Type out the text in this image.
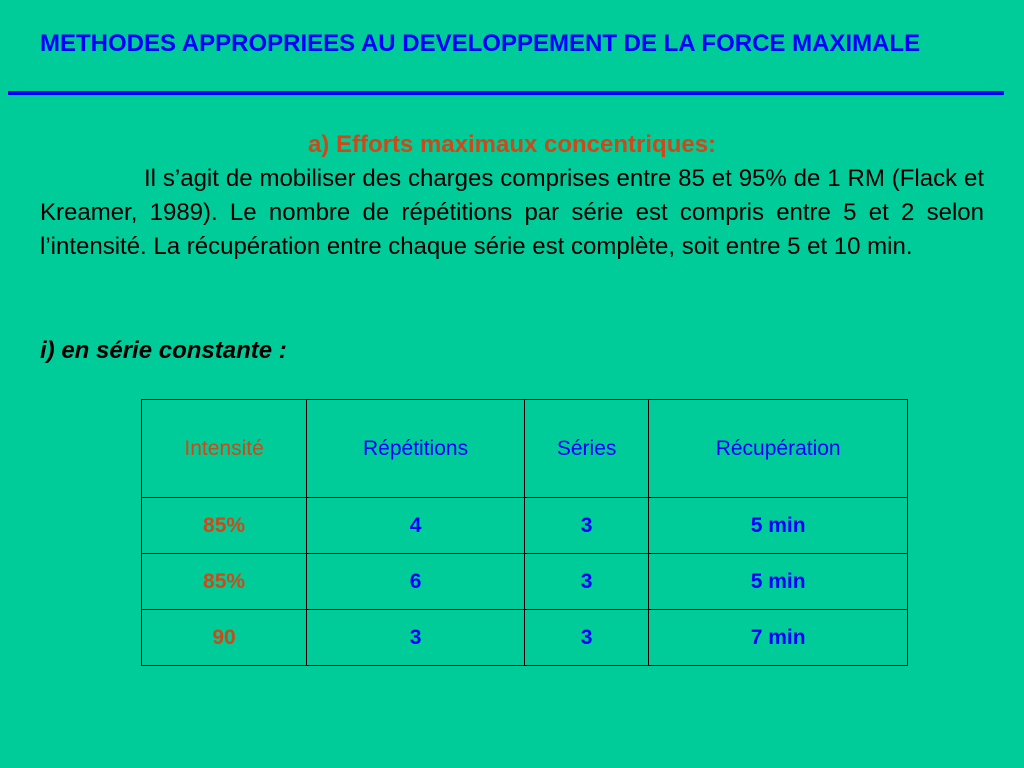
METHODES APPROPRIEES AU DEVELOPPEMENT DE LA FORCE MAXIMALE
a) Efforts maximaux concentriques:
Il s’agit de mobiliser des charges comprises entre 85 et 95% de 1 RM (Flack et Kreamer, 1989). Le nombre de répétitions par série est compris entre 5 et 2 selon l’intensité. La récupération entre chaque série est complète, soit entre 5 et 10 min.
i) en série constante :
Intensité	Répétitions	Séries	Récupération
85%	4	3	5 min
85%	6	3	5 min
90	3	3	7 min
